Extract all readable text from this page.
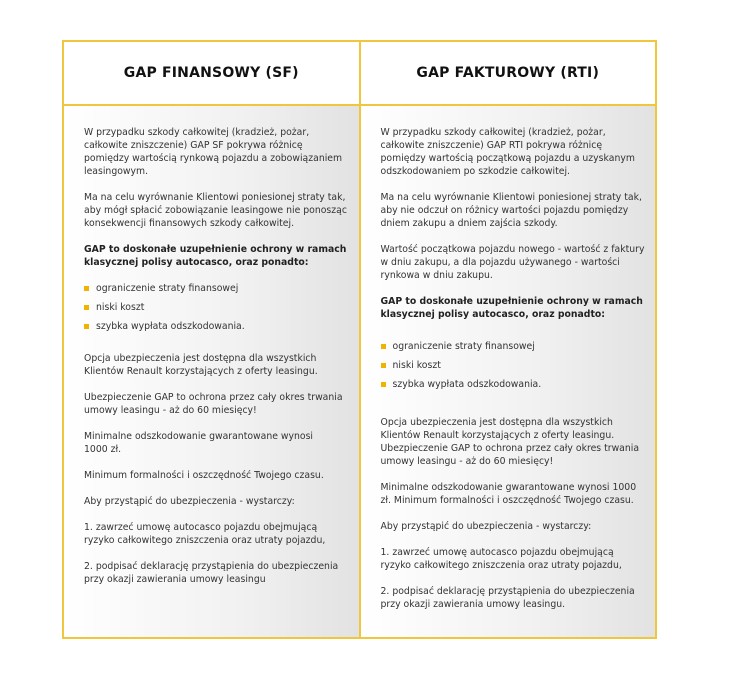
GAP FINANSOWY (SF)

W przypadku szkody całkowitej (kradzież, pożar, całkowite zniszczenie) GAP SF pokrywa różnicę pomiędzy wartością rynkową pojazdu a zobowiązaniem leasingowym.

Ma na celu wyrównanie Klientowi poniesionej straty tak, aby mógł spłacić zobowiązanie leasingowe nie ponosząc konsekwencji finansowych szkody całkowitej.

GAP to doskonałe uzupełnienie ochrony w ramach klasycznej polisy autocasco, oraz ponadto:

ograniczenie straty finansowej
niski koszt
szybka wypłata odszkodowania.

Opcja ubezpieczenia jest dostępna dla wszystkich Klientów Renault korzystających z oferty leasingu.

Ubezpieczenie GAP to ochrona przez cały okres trwania umowy leasingu - aż do 60 miesięcy!

Minimalne odszkodowanie gwarantowane wynosi 1000 zł.

Minimum formalności i oszczędność Twojego czasu.

Aby przystąpić do ubezpieczenia - wystarczy:

1. zawrzeć umowę autocasco pojazdu obejmującą ryzyko całkowitego zniszczenia oraz utraty pojazdu,

2. podpisać deklarację przystąpienia do ubezpieczenia przy okazji zawierania umowy leasingu

GAP FAKTUROWY (RTI)

W przypadku szkody całkowitej (kradzież, pożar, całkowite zniszczenie) GAP RTI pokrywa różnicę pomiędzy wartością początkową pojazdu a uzyskanym odszkodowaniem po szkodzie całkowitej.

Ma na celu wyrównanie Klientowi poniesionej straty tak, aby nie odczuł on różnicy wartości pojazdu pomiędzy dniem zakupu a dniem zajścia szkody.

Wartość początkowa pojazdu nowego - wartość z faktury w dniu zakupu, a dla pojazdu używanego - wartości rynkowa w dniu zakupu.

GAP to doskonałe uzupełnienie ochrony w ramach klasycznej polisy autocasco, oraz ponadto:

ograniczenie straty finansowej
niski koszt
szybka wypłata odszkodowania.

Opcja ubezpieczenia jest dostępna dla wszystkich Klientów Renault korzystających z oferty leasingu. Ubezpieczenie GAP to ochrona przez cały okres trwania umowy leasingu - aż do 60 miesięcy!

Minimalne odszkodowanie gwarantowane wynosi 1000 zł. Minimum formalności i oszczędność Twojego czasu.

Aby przystąpić do ubezpieczenia - wystarczy:

1. zawrzeć umowę autocasco pojazdu obejmującą ryzyko całkowitego zniszczenia oraz utraty pojazdu,

2. podpisać deklarację przystąpienia do ubezpieczenia przy okazji zawierania umowy leasingu.
